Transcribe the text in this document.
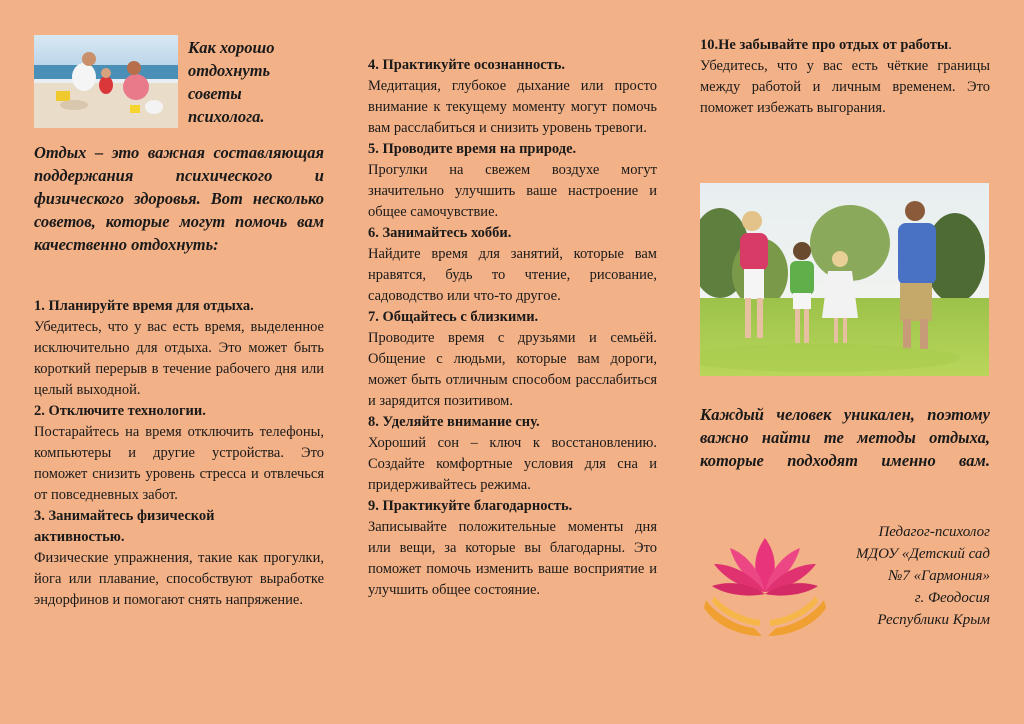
Как хорошо
отдохнуть
советы
психолога.
Отдых – это важная составляющая поддержания психического и физического здоровья. Вот несколько советов, которые могут помочь вам качественно отдохнуть:
1. Планируйте время для отдыха.
Убедитесь, что у вас есть время, выделенное исключительно для отдыха. Это может быть короткий перерыв в течение рабочего дня или целый выходной.
2. Отключите технологии.
Постарайтесь на время отключить телефоны, компьютеры и другие устройства. Это поможет снизить уровень стресса и отвлечься от повседневных забот.
3. Занимайтесь физической активностью.
Физические упражнения, такие как прогулки, йога или плавание, способствуют выработке эндорфинов и помогают снять напряжение.
4. Практикуйте осознанность.
Медитация, глубокое дыхание или просто внимание к текущему моменту могут помочь вам расслабиться и снизить уровень тревоги.
5. Проводите время на природе.
Прогулки на свежем воздухе могут значительно улучшить ваше настроение и общее самочувствие.
6. Занимайтесь хобби.
Найдите время для занятий, которые вам нравятся, будь то чтение, рисование, садоводство или что-то другое.
7. Общайтесь с близкими.
Проводите время с друзьями и семьёй. Общение с людьми, которые вам дороги, может быть отличным способом расслабиться и зарядится позитивом.
8. Уделяйте внимание сну.
Хороший сон – ключ к восстановлению. Создайте комфортные условия для сна и придерживайтесь режима.
9. Практикуйте благодарность.
Записывайте положительные моменты дня или вещи, за которые вы благодарны. Это поможет помочь изменить ваше восприятие и улучшить общее состояние.
10.Не забывайте про отдых от работы.
Убедитесь, что у вас есть чёткие границы между работой и личным временем. Это поможет избежать выгорания.
Каждый человек уникален, поэтому важно найти те методы отдыха, которые подходят именно вам.
Педагог-психолог
МДОУ «Детский сад
№7 «Гармония»
г. Феодосия
Республики Крым
